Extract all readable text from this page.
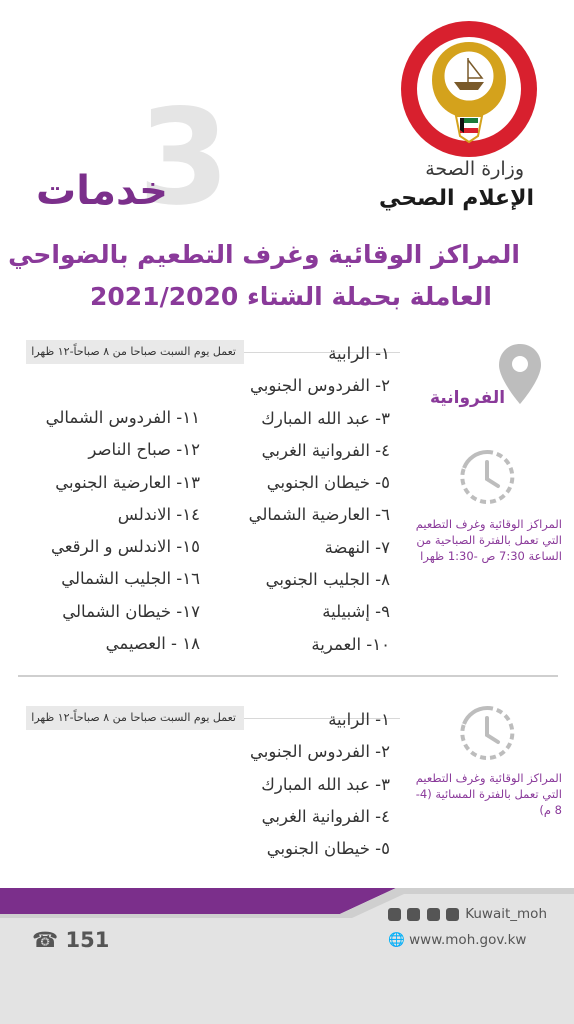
وزارة الصحة
الإعلام الصحي
3
خدمات
المراكز الوقائية وغرف التطعيم بالضواحي
العاملة بحملة الشتاء 2021/2020
الفروانية
المراكز الوقائية وغرف التطعيم التي تعمل بالفترة الصباحية من الساعة 7:30 ص -1:30 ظهرا
تعمل يوم السبت صباحا من ٨ صباحاً-١٢ ظهرا	١- الرابية
٢- الفردوس الجنوبي
٣- عبد الله المبارك
٤- الفروانية الغربي
٥- خيطان الجنوبي
٦- العارضية الشمالي
٧- النهضة
٨- الجليب الجنوبي
٩- إشبيلية
١٠- العمرية
١١- الفردوس الشمالي
١٢- صباح الناصر
١٣- العارضية الجنوبي
١٤- الاندلس
١٥- الاندلس و الرقعي
١٦- الجليب الشمالي
١٧- خيطان الشمالي
١٨ - العصيمي
المراكز الوقائية وغرف التطعيم التي تعمل بالفترة المسائية (4-8 م)
تعمل يوم السبت صباحا من ٨ صباحاً-١٢ ظهرا	١- الرابية
٢- الفردوس الجنوبي
٣- عبد الله المبارك
٤- الفروانية الغربي
٥- خيطان الجنوبي
Kuwait_moh
🌐 www.moh.gov.kw
☎ 151
